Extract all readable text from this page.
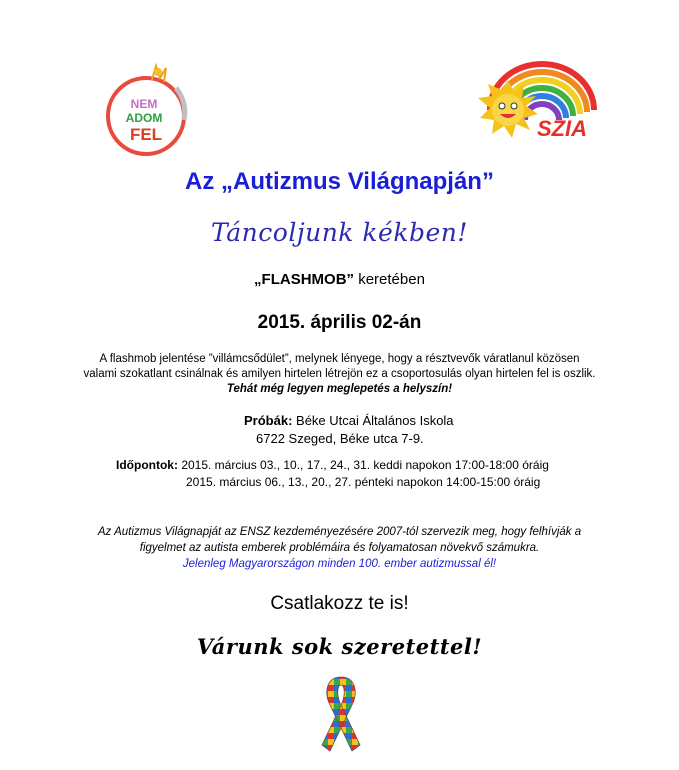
NEM
ADOM
FEL	SZIA
Az „Autizmus Világnapján”
Táncoljunk kékben!
„FLASHMOB” keretében
2015. április 02-án
A flashmob jelentése ”villámcsődület”, melynek lényege, hogy a résztvevők váratlanul közösen
valami szokatlant csinálnak és amilyen hirtelen létrejön ez a csoportosulás olyan hirtelen fel is oszlik.
Tehát még legyen meglepetés a helyszín!
Próbák: Béke Utcai Általános Iskola
6722 Szeged, Béke utca 7-9.
Időpontok: 2015. március 03., 10., 17., 24., 31. keddi napokon 17:00-18:00 óráig
2015. március 06., 13., 20., 27. pénteki napokon 14:00-15:00 óráig
Az Autizmus Világnapját az ENSZ kezdeményezésére 2007-tól szervezik meg, hogy felhívják a
figyelmet az autista emberek problémáira és folyamatosan növekvő számukra.
Jelenleg Magyarországon minden 100. ember autizmussal él!
Csatlakozz te is!
Várunk sok szeretettel!
